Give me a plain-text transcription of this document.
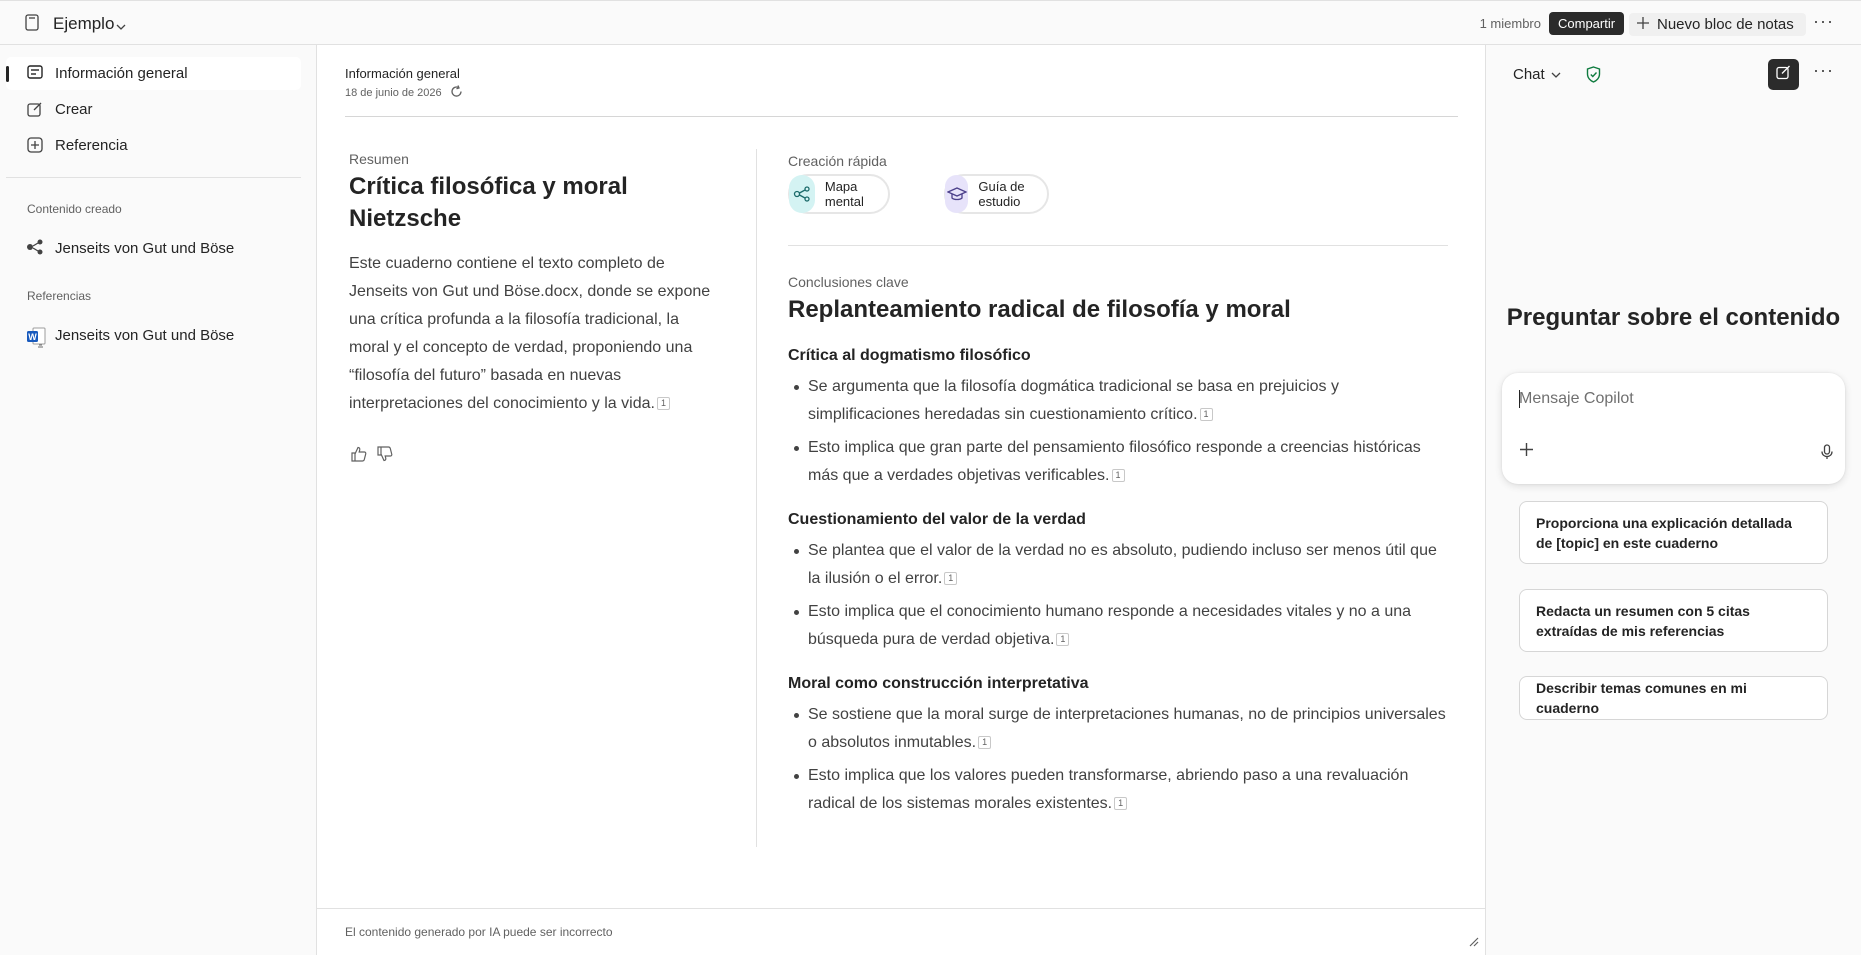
Ejemplo	1 miembro	Compartir	Nuevo bloc de notas ···
Información general
Crear
Referencia
Contenido creado
Jenseits von Gut und Böse
Referencias
W Jenseits von Gut und Böse
Información general
18 de junio de 2026
Resumen
Crítica filosófica y moral Nietzsche

Este cuaderno contiene el texto completo de Jenseits von Gut und Böse.docx, donde se expone una crítica profunda a la filosofía tradicional, la moral y el concepto de verdad, proponiendo una “filosofía del futuro” basada en nuevas interpretaciones del conocimiento y la vida. 1

Creación rápida
Mapa mental
Guía de estudio
Conclusiones clave
Replanteamiento radical de filosofía y moral
Crítica al dogmatismo filosófico
Se argumenta que la filosofía dogmática tradicional se basa en prejuicios y simplificaciones heredadas sin cuestionamiento crítico. 1
Esto implica que gran parte del pensamiento filosófico responde a creencias históricas más que a verdades objetivas verificables. 1
Cuestionamiento del valor de la verdad
Se plantea que el valor de la verdad no es absoluto, pudiendo incluso ser menos útil que la ilusión o el error. 1
Esto implica que el conocimiento humano responde a necesidades vitales y no a una búsqueda pura de verdad objetiva. 1
Moral como construcción interpretativa
Se sostiene que la moral surge de interpretaciones humanas, no de principios universales o absolutos inmutables. 1
Esto implica que los valores pueden transformarse, abriendo paso a una revaluación radical de los sistemas morales existentes. 1
El contenido generado por IA puede ser incorrecto
Chat	···
Preguntar sobre el contenido
Mensaje Copilot
Proporciona una explicación detallada de [topic] en este cuaderno
Redacta un resumen con 5 citas extraídas de mis referencias
Describir temas comunes en mi cuaderno
